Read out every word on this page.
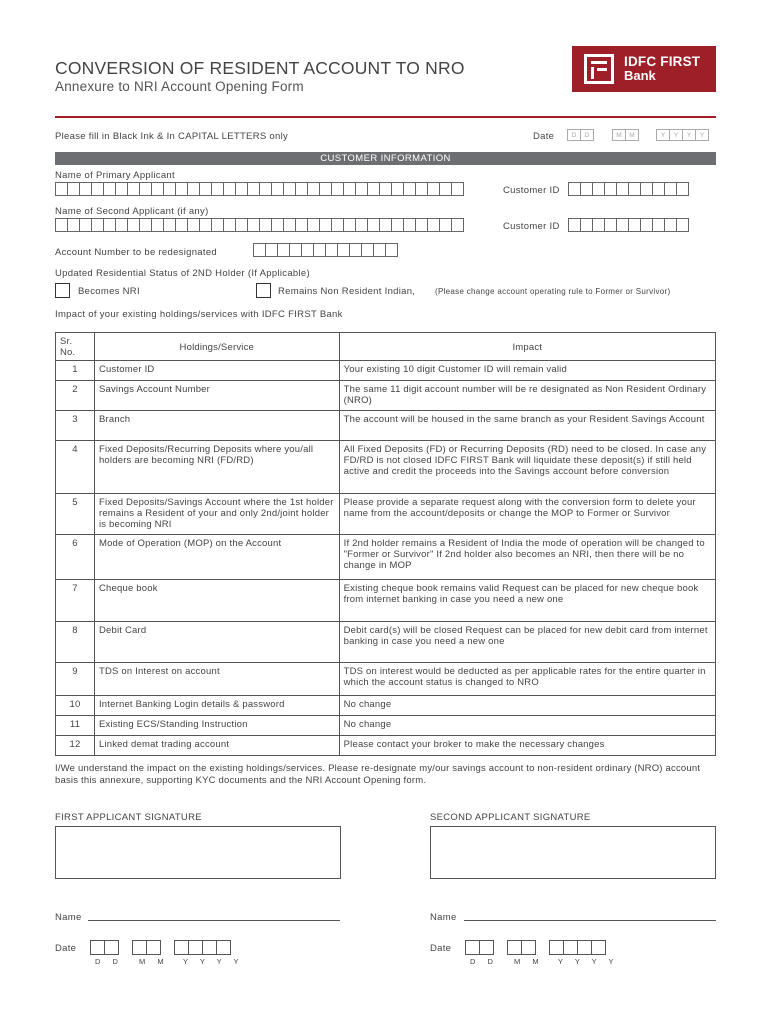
CONVERSION OF RESIDENT ACCOUNT TO NRO
Annexure to NRI Account Opening Form
IDFC FIRST
Bank
Please fill in Black Ink & In CAPITAL LETTERS only	Date	D	D	M	M	Y	Y	Y	Y
CUSTOMER INFORMATION
Name of Primary Applicant
Customer ID
Name of Second Applicant (if any)
Customer ID
Account Number to be redesignated
Updated Residential Status of 2ND Holder (If Applicable)
Becomes NRI	Remains Non Resident Indian, (Please change account operating rule to Former or Survivor)
Impact of your existing holdings/services with IDFC FIRST Bank
Sr. No.	Holdings/Service	Impact
1	Customer ID	Your existing 10 digit Customer ID will remain valid
2	Savings Account Number	The same 11 digit account number will be re designated as Non Resident Ordinary (NRO)
3	Branch	The account will be housed in the same branch as your Resident Savings Account
4	Fixed Deposits/Recurring Deposits where you/all holders are becoming NRI (FD/RD)	All Fixed Deposits (FD) or Recurring Deposits (RD) need to be closed. In case any FD/RD is not closed IDFC FIRST Bank will liquidate these deposit(s) if still held active and credit the proceeds into the Savings account before conversion
5	Fixed Deposits/Savings Account where the 1st holder remains a Resident of your and only 2nd/joint holder is becoming NRI	Please provide a separate request along with the conversion form to delete your name from the account/deposits or change the MOP to Former or Survivor
6	Mode of Operation (MOP) on the Account	If 2nd holder remains a Resident of India the mode of operation will be changed to "Former or Survivor" If 2nd holder also becomes an NRI, then there will be no change in MOP
7	Cheque book	Existing cheque book remains valid Request can be placed for new cheque book from internet banking in case you need a new one
8	Debit Card	Debit card(s) will be closed Request can be placed for new debit card from internet banking in case you need a new one
9	TDS on Interest on account	TDS on interest would be deducted as per applicable rates for the entire quarter in which the account status is changed to NRO
10	Internet Banking Login details & password	No change
11	Existing ECS/Standing Instruction	No change
12	Linked demat trading account	Please contact your broker to make the necessary changes
I/We understand the impact on the existing holdings/services. Please re-designate my/our savings account to non-resident ordinary (NRO) account basis this annexure, supporting KYC documents and the NRI Account Opening form.
FIRST APPLICANT SIGNATURE	SECOND APPLICANT SIGNATURE
Name	Name
Date
D D M M Y Y Y Y
Date
D D M M Y Y Y Y
